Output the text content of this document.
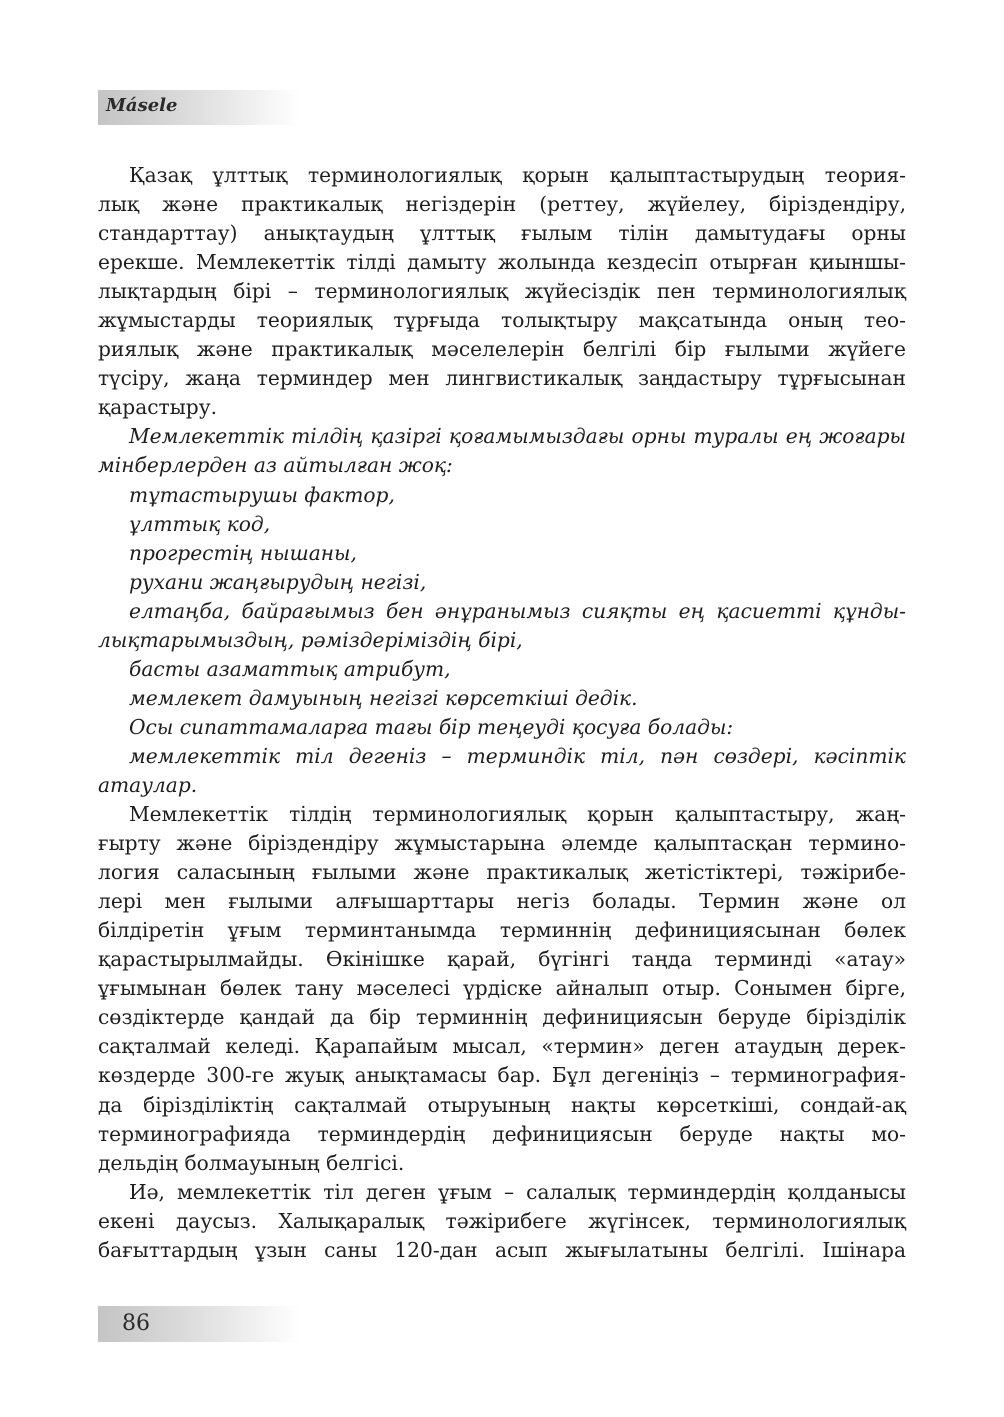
Másele
Қазақ ұлттық терминологиялық қорын қалыптастырудың теория-
лық және практикалық негіздерін (реттеу, жүйелеу, біріздендіру,
стандарттау) анықтаудың ұлттық ғылым тілін дамытудағы орны
ерекше. Мемлекеттік тілді дамыту жолында кездесіп отырған қиыншы-
лықтардың бірі – терминологиялық жүйесіздік пен терминологиялық
жұмыстарды теориялық тұрғыда толықтыру мақсатында оның тео-
риялық және практикалық мәселелерін белгілі бір ғылыми жүйеге
түсіру, жаңа терминдер мен лингвистикалық заңдастыру тұрғысынан
қарастыру.
Мемлекеттік тілдің қазіргі қоғамымыздағы орны туралы ең жоғары
мінберлерден аз айтылған жоқ:
тұтастырушы фактор,
ұлттық код,
прогрестің нышаны,
рухани жаңғырудың негізі,
елтаңба, байрағымыз бен әнұранымыз сияқты ең қасиетті құнды-
лықтарымыздың, рәміздеріміздің бірі,
басты азаматтық атрибут,
мемлекет дамуының негізгі көрсеткіші дедік.
Осы сипаттамаларға тағы бір теңеуді қосуға болады:
мемлекеттік тіл дегеніз – терминдік тіл, пән сөздері, кәсіптік
атаулар.
Мемлекеттік тілдің терминологиялық қорын қалыптастыру, жаң-
ғырту және біріздендіру жұмыстарына әлемде қалыптасқан термино-
логия саласының ғылыми және практикалық жетістіктері, тәжірибе-
лері мен ғылыми алғышарттары негіз болады. Термин және ол
білдіретін ұғым терминтанымда терминнің дефинициясынан бөлек
қарастырылмайды. Өкінішке қарай, бүгінгі таңда терминді «атау»
ұғымынан бөлек тану мәселесі үрдіске айналып отыр. Сонымен бірге,
сөздіктерде қандай да бір терминнің дефинициясын беруде бірізділік
сақталмай келеді. Қарапайым мысал, «термин» деген атаудың дерек-
көздерде 300-ге жуық анықтамасы бар. Бұл дегеніңіз – терминография-
да бірізділіктің сақталмай отыруының нақты көрсеткіші, сондай-ақ
терминографияда терминдердің дефинициясын беруде нақты мо-
дельдің болмауының белгісі.
Иә, мемлекеттік тіл деген ұғым – салалық терминдердің қолданысы
екені даусыз. Халықаралық тәжірибеге жүгінсек, терминологиялық
бағыттардың ұзын саны 120-дан асып жығылатыны белгілі. Ішінара
86
